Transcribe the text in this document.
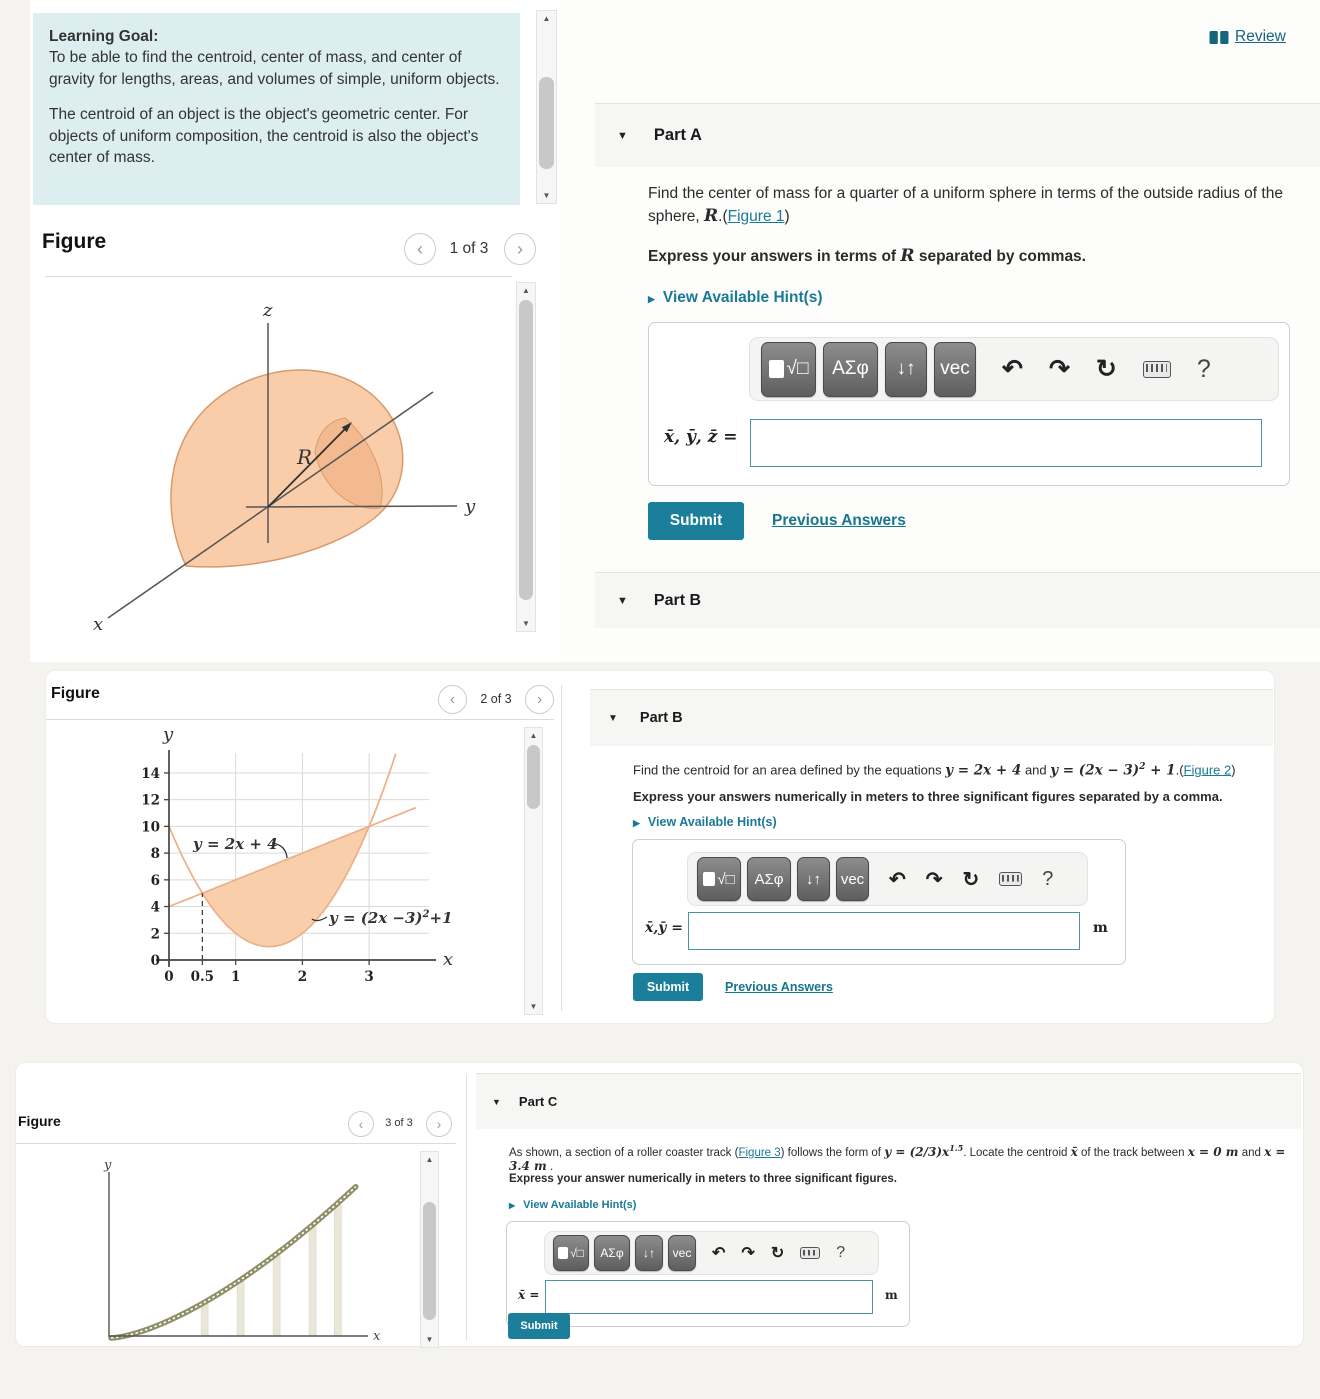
Learning Goal:

To be able to find the centroid, center of mass, and center of gravity for lengths, areas, and volumes of simple, uniform objects.

The centroid of an object is the object's geometric center. For objects of uniform composition, the centroid is also the object's center of mass.

▲
▼
Figure	‹	1 of 3	›
z
y
x
R
▲
▼
Review
▼ Part A
Find the center of mass for a quarter of a uniform sphere in terms of the outside radius of the sphere, R.(Figure 1)
Express your answers in terms of R separated by commas.
▶ View Available Hint(s)
√□	ΑΣφ	↓↑	vec ↶ ↷ ↻	?
x̄, ȳ, z̄ =
Submit	Previous Answers
▼ Part B
Figure	‹	2 of 3	›
0
2
4
6
8
10
12
14
0 0.5 1	2	3
y
x
y = 2x + 4
$y = (2x -3)^2+1$
▲
▼
▼ Part B
Find the centroid for an area defined by the equations y = 2x + 4 and $y = (2x - 3)^2$ + 1.(Figure 2)
Express your answers numerically in meters to three significant figures separated by a comma.
▶ View Available Hint(s)
√□	ΑΣφ	↓↑	vec ↶ ↷ ↻	?
x̄,ȳ =	m
Submit	Previous Answers
Figure	‹	3 of 3	›
y
x
▲
▼
▼ Part C
As shown, a section of a roller coaster track (Figure 3) follows the form of $y = (2/3)x^{1.5}$. Locate the centroid x̄ of the track between x = 0 m and x = 3.4 m .
Express your answer numerically in meters to three significant figures.
▶ View Available Hint(s)
√□	ΑΣφ	↓↑	vec ↶ ↷ ↻	?
x̄ =	m
Submit
